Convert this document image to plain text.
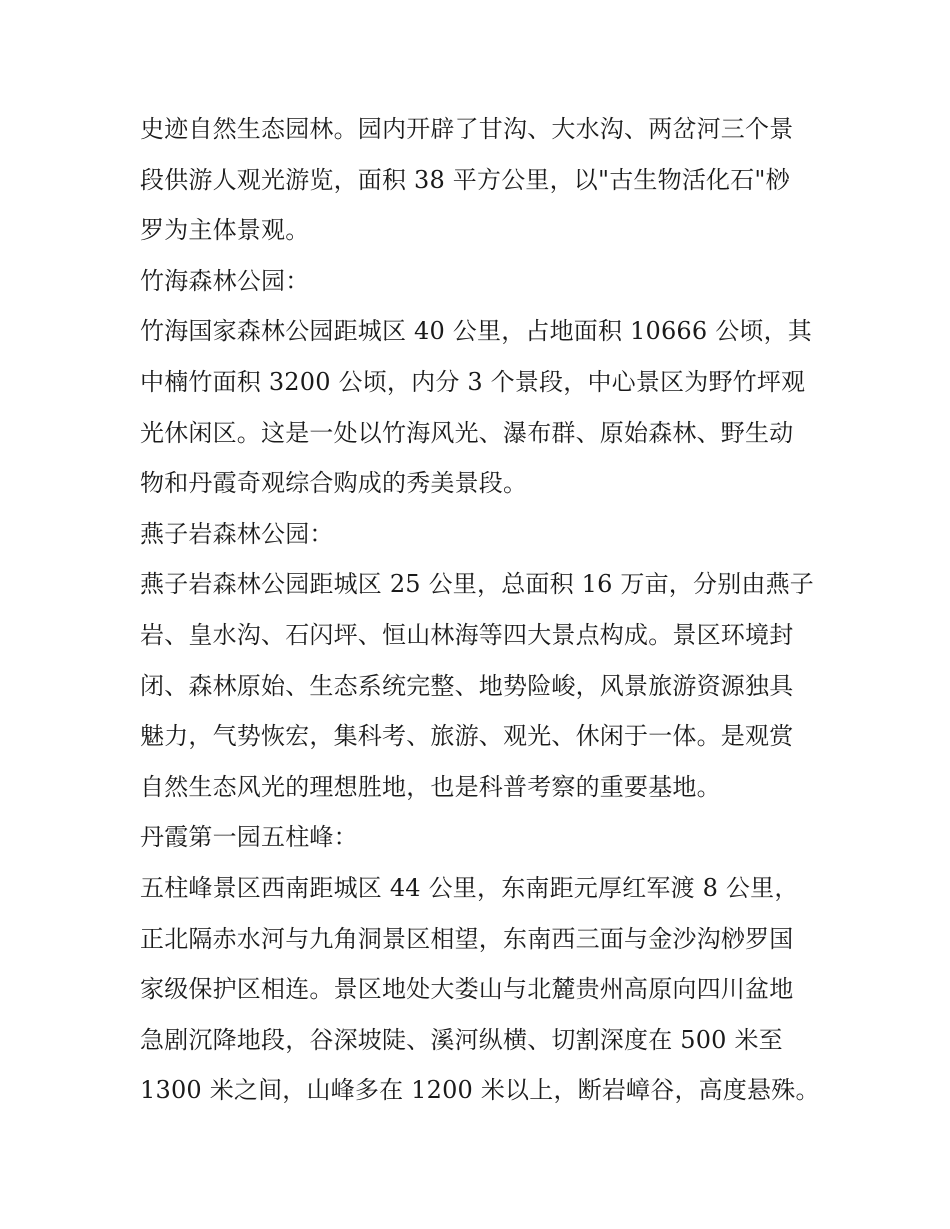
史迹自然生态园林。园内开辟了甘沟、大水沟、两岔河三个景
段供游人观光游览，面积 38 平方公里，以"古生物活化石"桫
罗为主体景观。
竹海森林公园：
竹海国家森林公园距城区 40 公里，占地面积 10666 公顷，其
中楠竹面积 3200 公顷，内分 3 个景段，中心景区为野竹坪观
光休闲区。这是一处以竹海风光、瀑布群、原始森林、野生动
物和丹霞奇观综合购成的秀美景段。
燕子岩森林公园：
燕子岩森林公园距城区 25 公里，总面积 16 万亩，分别由燕子
岩、皇水沟、石闪坪、恒山林海等四大景点构成。景区环境封
闭、森林原始、生态系统完整、地势险峻，风景旅游资源独具
魅力，气势恢宏，集科考、旅游、观光、休闲于一体。是观赏
自然生态风光的理想胜地，也是科普考察的重要基地。
丹霞第一园五柱峰：
五柱峰景区西南距城区 44 公里，东南距元厚红军渡 8 公里，
正北隔赤水河与九角洞景区相望，东南西三面与金沙沟桫罗国
家级保护区相连。景区地处大娄山与北麓贵州高原向四川盆地
急剧沉降地段，谷深坡陡、溪河纵横、切割深度在 500 米至
1300 米之间，山峰多在 1200 米以上，断岩嶂谷，高度悬殊。
